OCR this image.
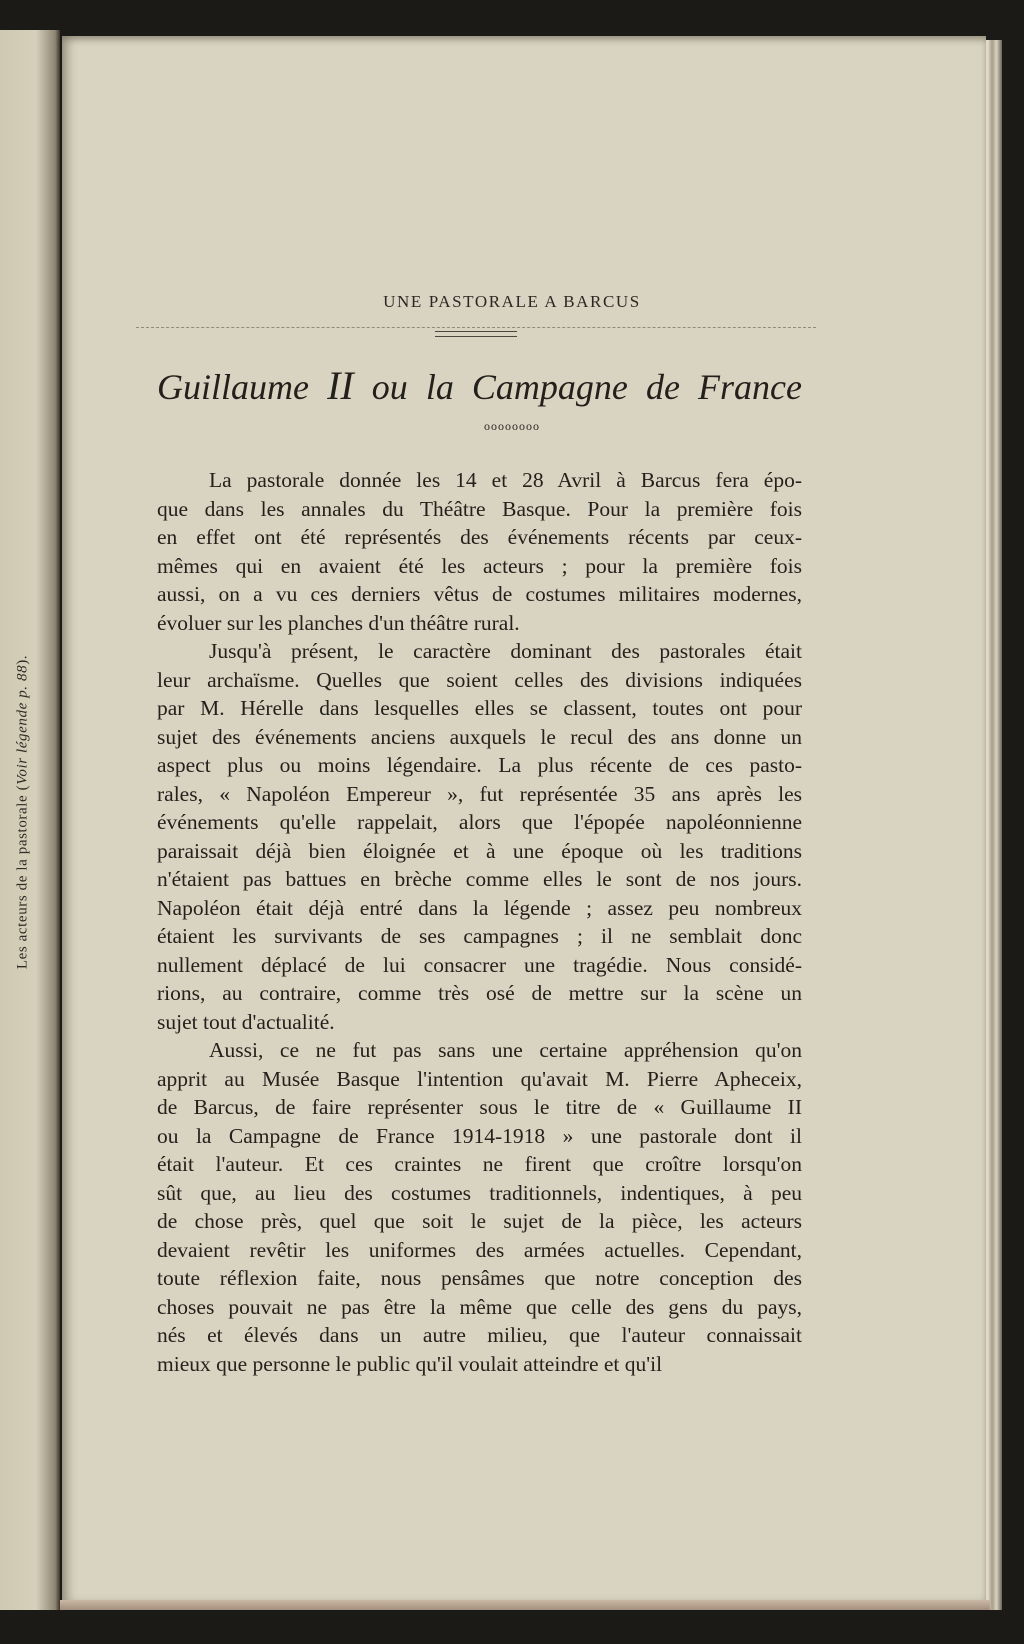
Les acteurs de la pastorale (Voir légende p. 88).
UNE PASTORALE A BARCUS
Guillaume II ou la Campagne de France
oooooooo
La pastorale donnée les 14 et 28 Avril à Barcus fera épo-
que dans les annales du Théâtre Basque. Pour la première fois
en effet ont été représentés des événements récents par ceux-
mêmes qui en avaient été les acteurs ; pour la première fois
aussi, on a vu ces derniers vêtus de costumes militaires modernes,
évoluer sur les planches d'un théâtre rural.
Jusqu'à présent, le caractère dominant des pastorales était
leur archaïsme. Quelles que soient celles des divisions indiquées
par M. Hérelle dans lesquelles elles se classent, toutes ont pour
sujet des événements anciens auxquels le recul des ans donne un
aspect plus ou moins légendaire. La plus récente de ces pasto-
rales, « Napoléon Empereur », fut représentée 35 ans après les
événements qu'elle rappelait, alors que l'épopée napoléonnienne
paraissait déjà bien éloignée et à une époque où les traditions
n'étaient pas battues en brèche comme elles le sont de nos jours.
Napoléon était déjà entré dans la légende ; assez peu nombreux
étaient les survivants de ses campagnes ; il ne semblait donc
nullement déplacé de lui consacrer une tragédie. Nous considé-
rions, au contraire, comme très osé de mettre sur la scène un
sujet tout d'actualité.
Aussi, ce ne fut pas sans une certaine appréhension qu'on
apprit au Musée Basque l'intention qu'avait M. Pierre Apheceix,
de Barcus, de faire représenter sous le titre de « Guillaume II
ou la Campagne de France 1914-1918 » une pastorale dont il
était l'auteur. Et ces craintes ne firent que croître lorsqu'on
sût que, au lieu des costumes traditionnels, indentiques, à peu
de chose près, quel que soit le sujet de la pièce, les acteurs
devaient revêtir les uniformes des armées actuelles. Cependant,
toute réflexion faite, nous pensâmes que notre conception des
choses pouvait ne pas être la même que celle des gens du pays,
nés et élevés dans un autre milieu, que l'auteur connaissait
mieux que personne le public qu'il voulait atteindre et qu'il
